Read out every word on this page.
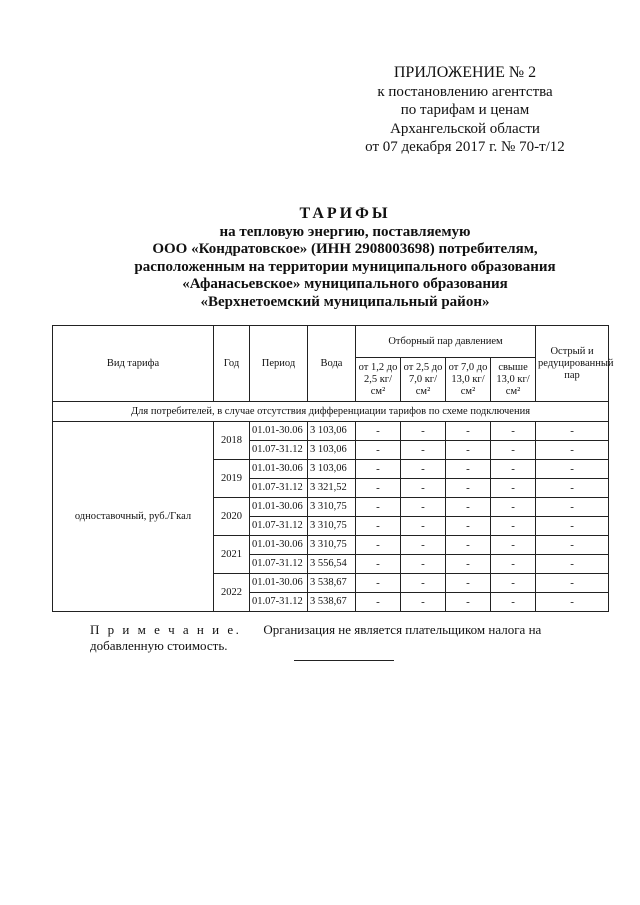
ПРИЛОЖЕНИЕ № 2
к постановлению агентства
по тарифам и ценам
Архангельской области
от 07 декабря 2017 г. № 70-т/12
ТАРИФЫ
на тепловую энергию, поставляемую
ООО «Кондратовское» (ИНН 2908003698) потребителям,
расположенным на территории муниципального образования
«Афанасьевское» муниципального образования
«Верхнетоемский муниципальный район»
Вид тарифа	Год	Период	Вода	Отборный пар давлением				Острый и редуцированный пар
				от 1,2 до 2,5 кг/см²	от 2,5 до 7,0 кг/см²	от 7,0 до 13,0 кг/см²	свыше 13,0 кг/см²	
Для потребителей, в случае отсутствия дифференциации тарифов по схеме подключения								
одноставочный, руб./Гкал	2018	01.01-30.06	3 103,06	-	-	-	-	-
		01.07-31.12	3 103,06	-	-	-	-	-
	2019	01.01-30.06	3 103,06	-	-	-	-	-
		01.07-31.12	3 321,52	-	-	-	-	-
	2020	01.01-30.06	3 310,75	-	-	-	-	-
		01.07-31.12	3 310,75	-	-	-	-	-
	2021	01.01-30.06	3 310,75	-	-	-	-	-
		01.07-31.12	3 556,54	-	-	-	-	-
	2022	01.01-30.06	3 538,67	-	-	-	-	-
		01.07-31.12	3 538,67	-	-	-	-	-
П р и м е ч а н и е. Организация не является плательщиком налога на добавленную стоимость.
